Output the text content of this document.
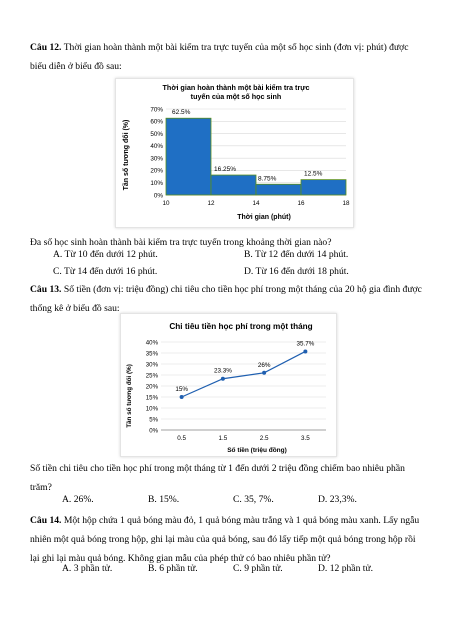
Câu 12. Thời gian hoàn thành một bài kiểm tra trực tuyến của một số học sinh (đơn vị: phút) được biểu diễn ở biểu đồ sau:
Thời gian hoàn thành một bài kiểm tra trực
tuyến của một số học sinh
Tần số tương đối (%)
Thời gian (phút)
0%
10%
20%
30%
40%
50%
60%
70%
10	12	14	16	18
62.5%
16.25%
8.75%
12.5%
Đa số học sinh hoàn thành bài kiểm tra trực tuyến trong khoảng thời gian nào?
A. Từ 10 đến dưới 12 phút.	B. Từ 12 đến dưới 14 phút.
C. Từ 14 đến dưới 16 phút.	D. Từ 16 đến dưới 18 phút.
Câu 13. Số tiền (đơn vị: triệu đồng) chi tiêu cho tiền học phí trong một tháng của 20 hộ gia đình được thống kê ở biểu đồ sau:
Chi tiêu tiền học phí trong một tháng
Tần số tương đối (%)
Số tiền (triệu đồng)
0%
5%
10%
15%
20%
25%
30%
35%
40%
0.5	1.5	2.5	3.5
15%
23.3%
26%
35.7%
Số tiền chi tiêu cho tiền học phí trong một tháng từ 1 đến dưới 2 triệu đồng chiếm bao nhiêu phần trăm?
A. 26%.	B. 15%.	C. 35, 7%.	D. 23,3%.
Câu 14. Một hộp chứa 1 quả bóng màu đỏ, 1 quả bóng màu trắng và 1 quả bóng màu xanh. Lấy ngẫu nhiên một quả bóng trong hộp, ghi lại màu của quả bóng, sau đó lấy tiếp một quả bóng trong hộp rồi lại ghi lại màu quả bóng. Không gian mẫu của phép thử có bao nhiêu phần tử?
A. 3 phần tử.	B. 6 phần tử.	C. 9 phần tử.	D. 12 phần tử.
